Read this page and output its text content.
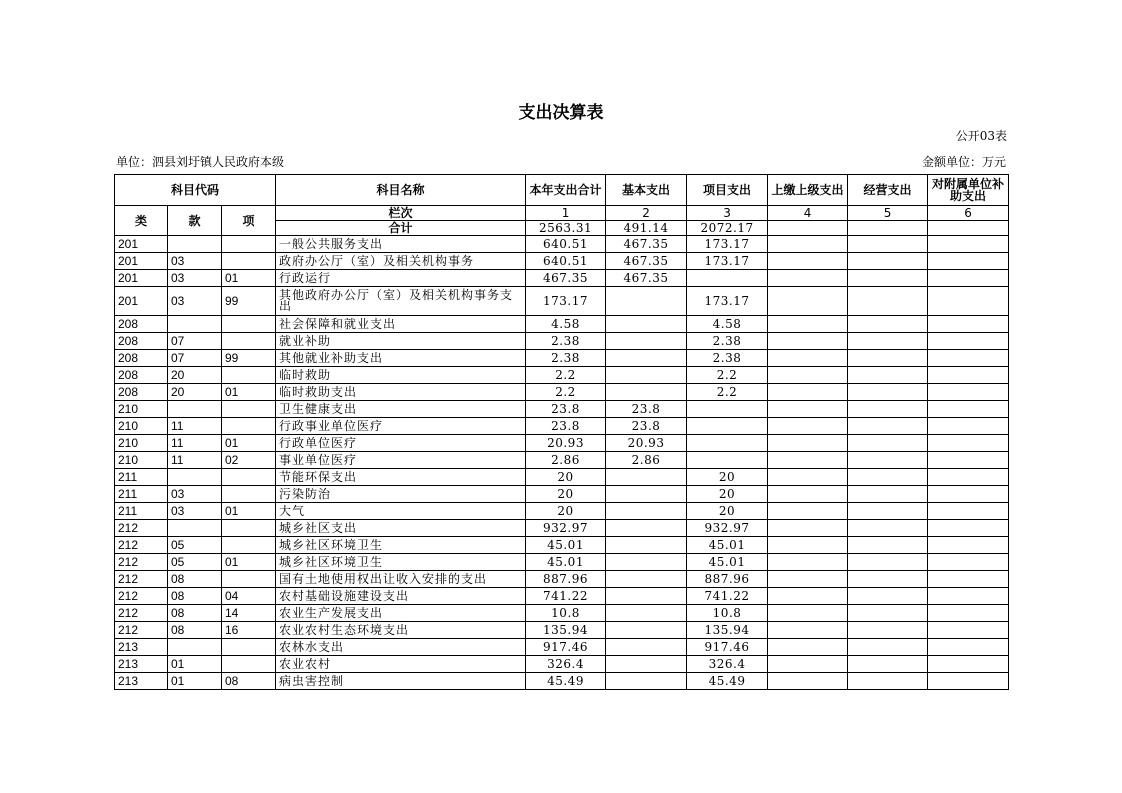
支出决算表
公开03表
单位：泗县刘圩镇人民政府本级	金额单位：万元
科目代码			科目名称	本年支出合计	基本支出	项目支出	上缴上级支出	经营支出	对附属单位补助支出
类	款	项	栏次	1	2	3	4	5	6
			合计	2563.31	491.14	2072.17			
201			一般公共服务支出	640.51	467.35	173.17			
201	03		政府办公厅（室）及相关机构事务	640.51	467.35	173.17			
201	03	01	行政运行	467.35	467.35				
201	03	99	其他政府办公厅（室）及相关机构事务支出	173.17		173.17			
208			社会保障和就业支出	4.58		4.58			
208	07		就业补助	2.38		2.38			
208	07	99	其他就业补助支出	2.38		2.38			
208	20		临时救助	2.2		2.2			
208	20	01	临时救助支出	2.2		2.2			
210			卫生健康支出	23.8	23.8				
210	11		行政事业单位医疗	23.8	23.8				
210	11	01	行政单位医疗	20.93	20.93				
210	11	02	事业单位医疗	2.86	2.86				
211			节能环保支出	20		20			
211	03		污染防治	20		20			
211	03	01	大气	20		20			
212			城乡社区支出	932.97		932.97			
212	05		城乡社区环境卫生	45.01		45.01			
212	05	01	城乡社区环境卫生	45.01		45.01			
212	08		国有土地使用权出让收入安排的支出	887.96		887.96			
212	08	04	农村基础设施建设支出	741.22		741.22			
212	08	14	农业生产发展支出	10.8		10.8			
212	08	16	农业农村生态环境支出	135.94		135.94			
213			农林水支出	917.46		917.46			
213	01		农业农村	326.4		326.4			
213	01	08	病虫害控制	45.49		45.49			
